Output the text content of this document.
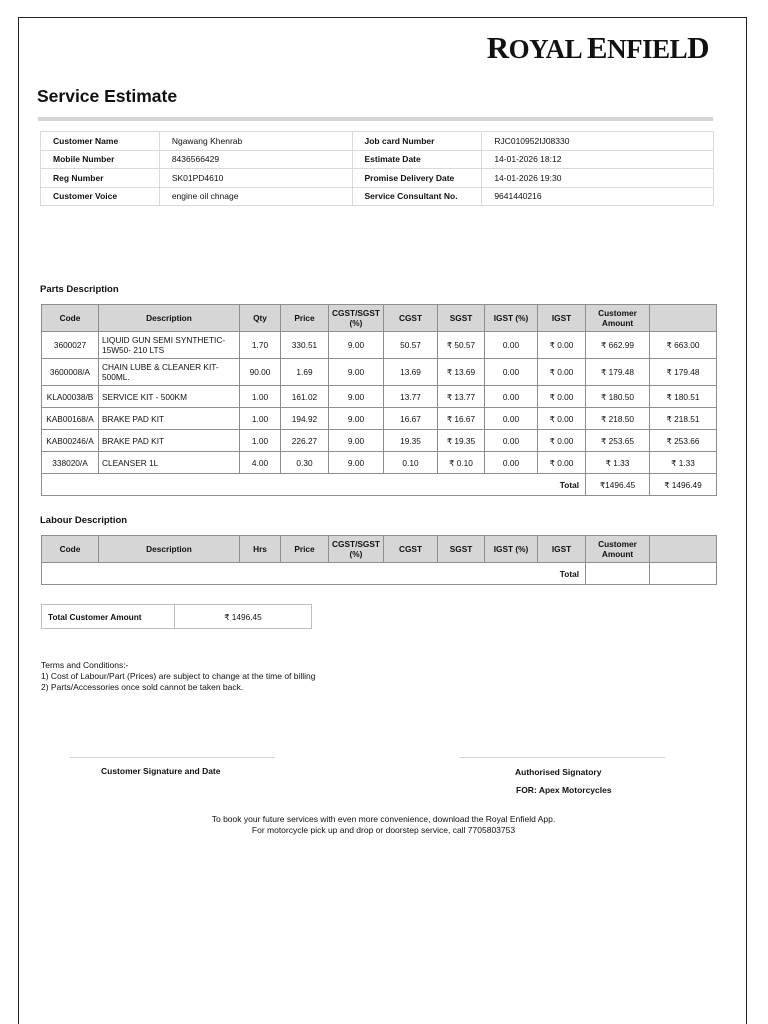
ROYAL ENFIELD
Service Estimate
Customer Name	Ngawang Khenrab	Job card Number	RJC010952IJ08330
Mobile Number	8436566429	Estimate Date	14-01-2026 18:12
Reg Number	SK01PD4610	Promise Delivery Date	14-01-2026 19:30
Customer Voice	engine oil chnage	Service Consultant No.	9641440216
Parts Description
Code	Description	Qty	Price	CGST/SGST (%)	CGST	SGST	IGST (%)	IGST	Customer Amount	
3600027	LIQUID GUN SEMI SYNTHETIC-15W50- 210 LTS	1.70	330.51	9.00	50.57	₹ 50.57	0.00	₹ 0.00	₹ 662.99	₹ 663.00
3600008/A	CHAIN LUBE & CLEANER KIT-500ML.	90.00	1.69	9.00	13.69	₹ 13.69	0.00	₹ 0.00	₹ 179.48	₹ 179.48
KLA00038/B	SERVICE KIT - 500KM	1.00	161.02	9.00	13.77	₹ 13.77	0.00	₹ 0.00	₹ 180.50	₹ 180.51
KAB00168/A	BRAKE PAD KIT	1.00	194.92	9.00	16.67	₹ 16.67	0.00	₹ 0.00	₹ 218.50	₹ 218.51
KAB00246/A	BRAKE PAD KIT	1.00	226.27	9.00	19.35	₹ 19.35	0.00	₹ 0.00	₹ 253.65	₹ 253.66
338020/A	CLEANSER 1L	4.00	0.30	9.00	0.10	₹ 0.10	0.00	₹ 0.00	₹ 1.33	₹ 1.33
Total									₹1496.45	₹ 1496.49
Labour Description
Code	Description	Hrs	Price	CGST/SGST (%)	CGST	SGST	IGST (%)	IGST	Customer Amount	
Total										
Total Customer Amount	₹ 1496.45
Terms and Conditions:-
1) Cost of Labour/Part (Prices) are subject to change at the time of billing
2) Parts/Accessories once sold cannot be taken back.
Customer Signature and Date	Authorised Signatory
FOR: Apex Motorcycles
To book your future services with even more convenience, download the Royal Enfield App.
For motorcycle pick up and drop or doorstep service, call 7705803753
